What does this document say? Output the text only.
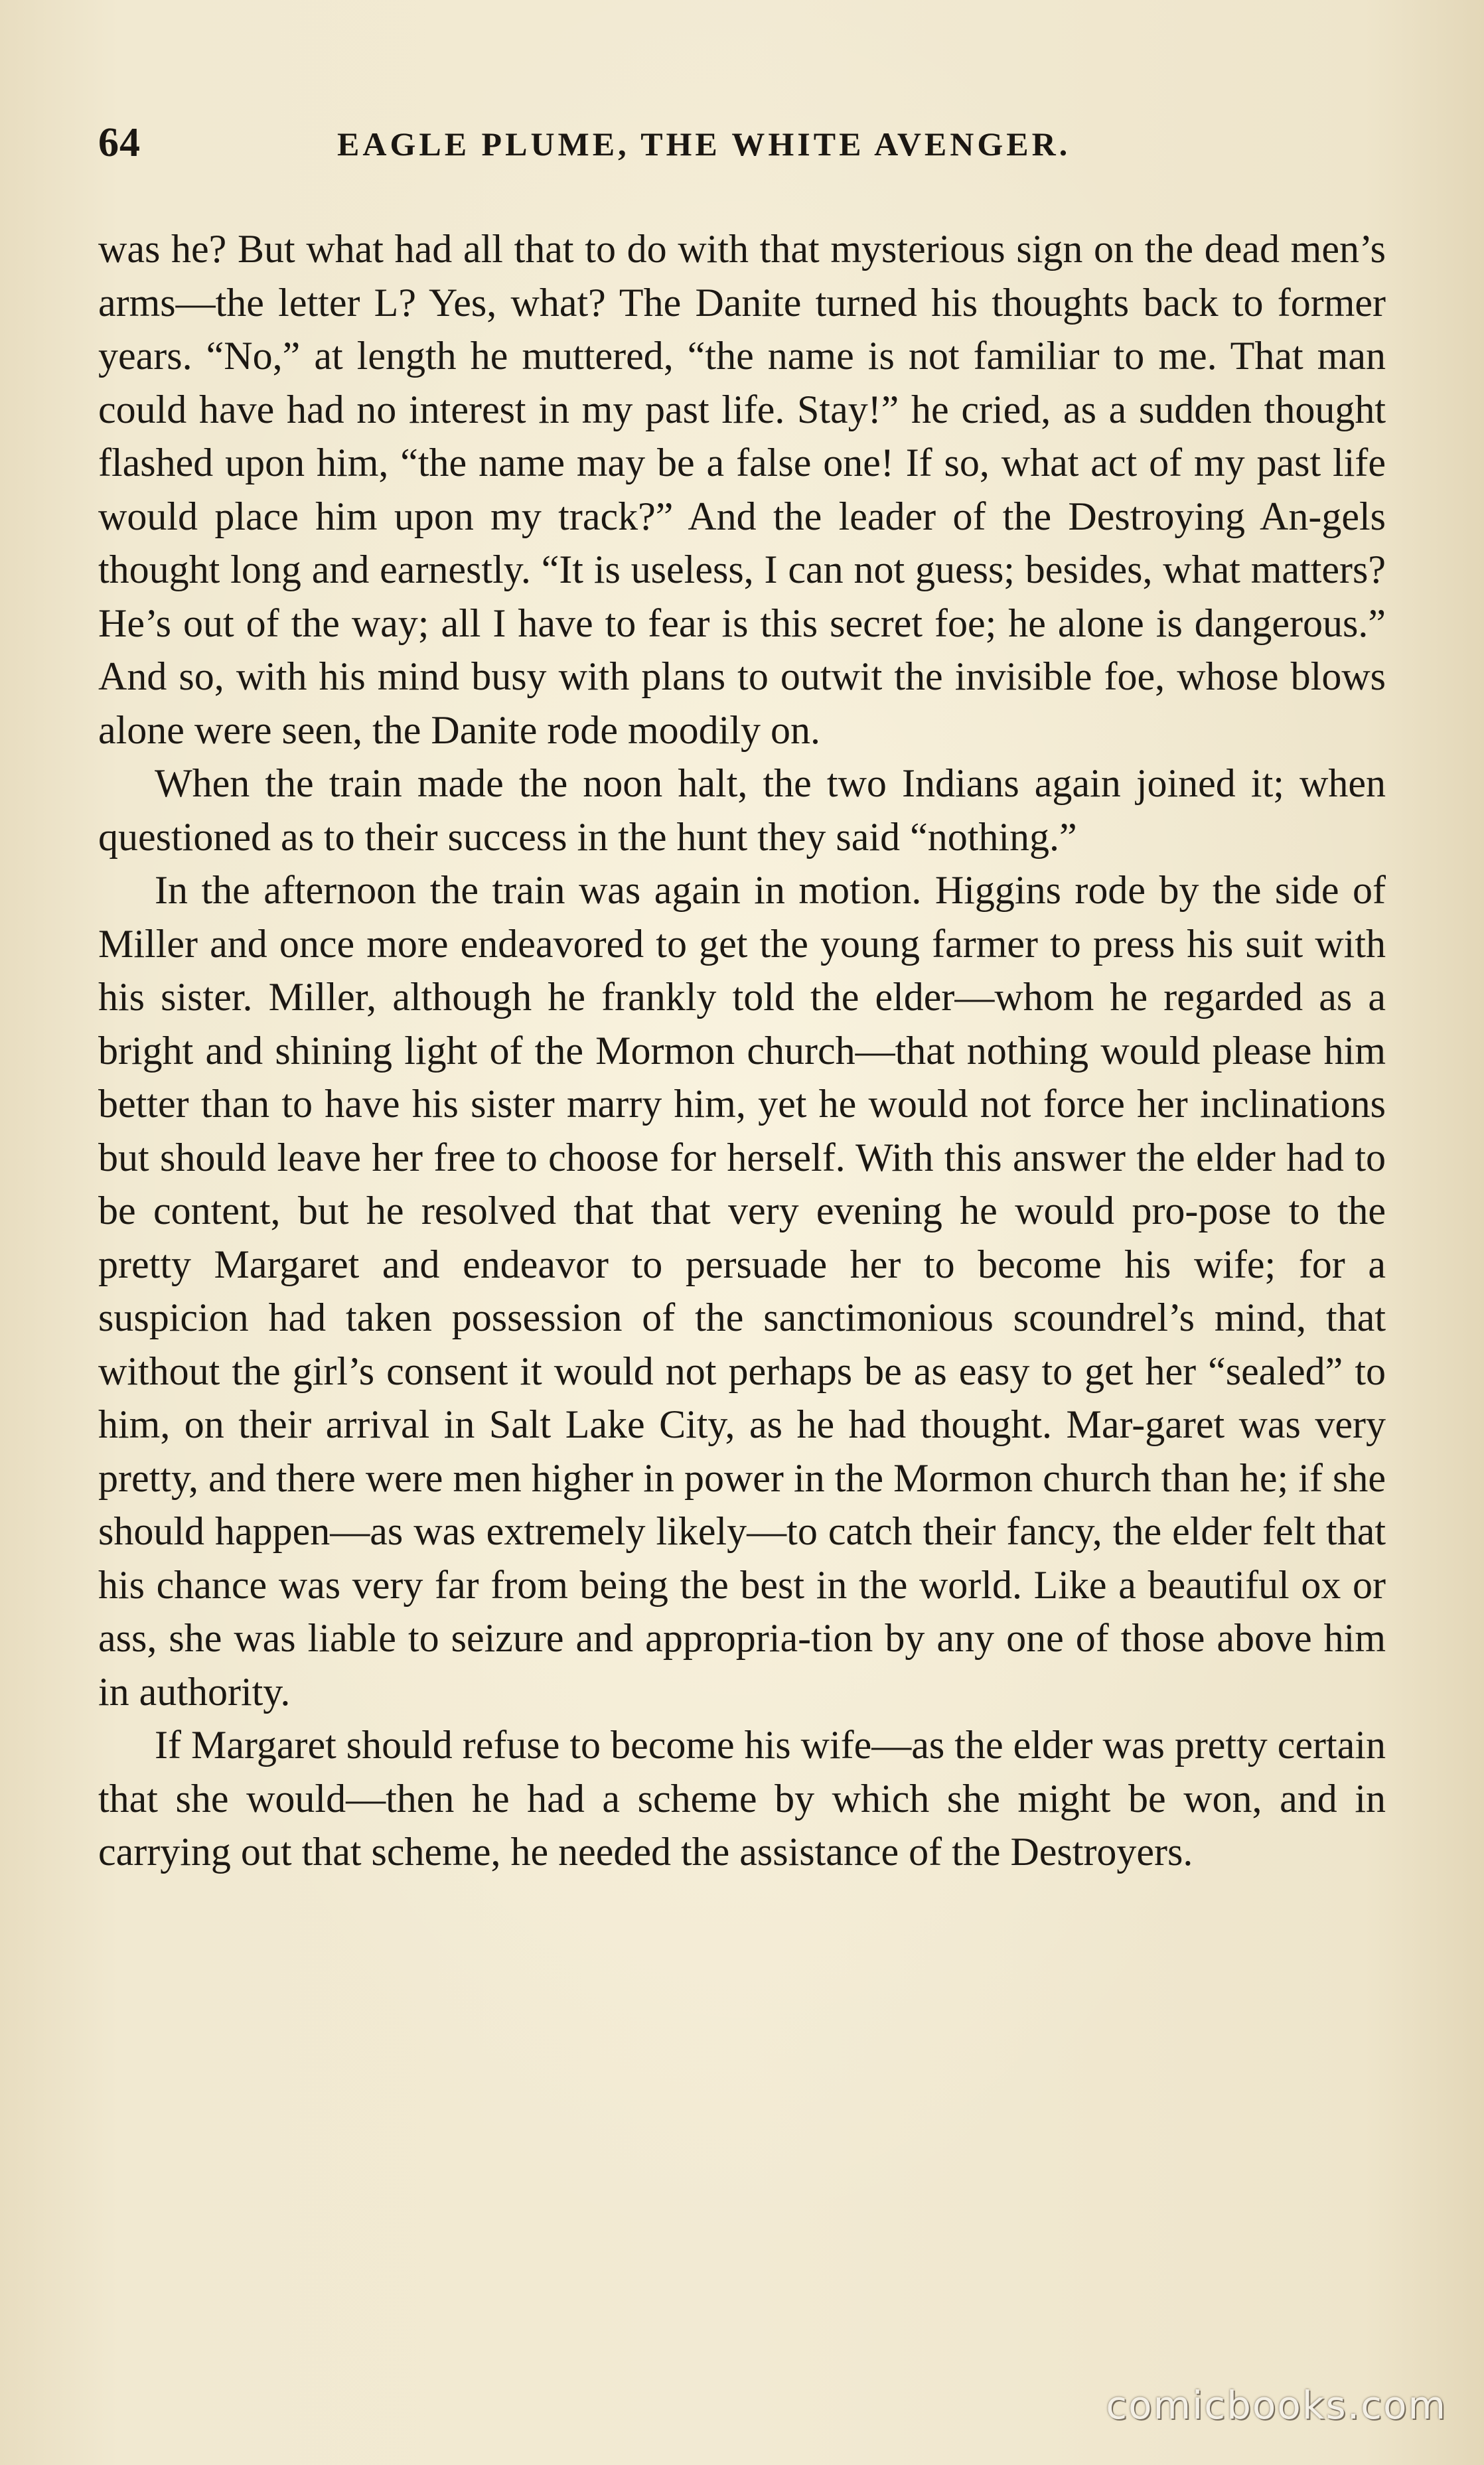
64	EAGLE PLUME, THE WHITE AVENGER.

was he? But what had all that to do with that mysterious sign on the dead men’s arms—the letter L? Yes, what? The Danite turned his thoughts back to former years. “No,” at length he muttered, “the name is not familiar to me. That man could have had no interest in my past life. Stay!” he cried, as a sudden thought flashed upon him, “the name may be a false one! If so, what act of my past life would place him upon my track?” And the leader of the Destroying An-gels thought long and earnestly. “It is useless, I can not guess; besides, what matters? He’s out of the way; all I have to fear is this secret foe; he alone is dangerous.” And so, with his mind busy with plans to outwit the invisible foe, whose blows alone were seen, the Danite rode moodily on.

When the train made the noon halt, the two Indians again joined it; when questioned as to their success in the hunt they said “nothing.”

In the afternoon the train was again in motion. Higgins rode by the side of Miller and once more endeavored to get the young farmer to press his suit with his sister. Miller, although he frankly told the elder—whom he regarded as a bright and shining light of the Mormon church—that nothing would please him better than to have his sister marry him, yet he would not force her inclinations but should leave her free to choose for herself. With this answer the elder had to be content, but he resolved that that very evening he would pro-pose to the pretty Margaret and endeavor to persuade her to become his wife; for a suspicion had taken possession of the sanctimonious scoundrel’s mind, that without the girl’s consent it would not perhaps be as easy to get her “sealed” to him, on their arrival in Salt Lake City, as he had thought. Mar-garet was very pretty, and there were men higher in power in the Mormon church than he; if she should happen—as was extremely likely—to catch their fancy, the elder felt that his chance was very far from being the best in the world. Like a beautiful ox or ass, she was liable to seizure and appropria-tion by any one of those above him in authority.

If Margaret should refuse to become his wife—as the elder was pretty certain that she would—then he had a scheme by which she might be won, and in carrying out that scheme, he needed the assistance of the Destroyers.

comicbooks.com
